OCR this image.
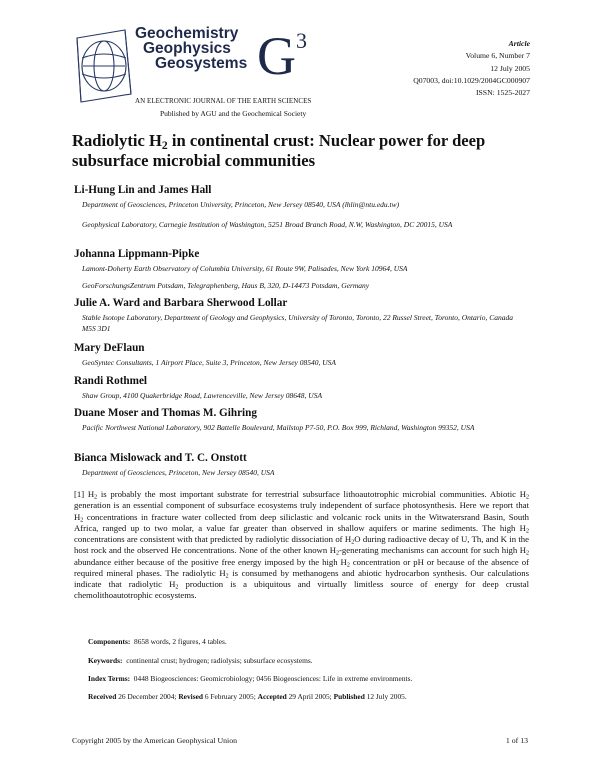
Geochemistry
Geophysics
Geosystems G3
AN ELECTRONIC JOURNAL OF THE EARTH SCIENCES
Published by AGU and the Geochemical Society
Article
Volume 6, Number 7
12 July 2005
Q07003, doi:10.1029/2004GC000907
ISSN: 1525-2027
Radiolytic $H_2$ in continental crust: Nuclear power for deep
subsurface microbial communities
Li-Hung Lin and James Hall
Department of Geosciences, Princeton University, Princeton, New Jersey 08540, USA (lhlin@ntu.edu.tw)
Geophysical Laboratory, Carnegie Institution of Washington, 5251 Broad Branch Road, N.W, Washington, DC 20015, USA
Johanna Lippmann-Pipke
Lamont-Doherty Earth Observatory of Columbia University, 61 Route 9W, Palisades, New York 10964, USA
GeoForschungsZentrum Potsdam, Telegraphenberg, Haus B, 320, D-14473 Potsdam, Germany
Julie A. Ward and Barbara Sherwood Lollar
Stable Isotope Laboratory, Department of Geology and Geophysics, University of Toronto, Toronto, 22 Russel Street, Toronto, Ontario, Canada M5S 3D1
Mary DeFlaun
GeoSyntec Consultants, 1 Airport Place, Suite 3, Princeton, New Jersey 08540, USA
Randi Rothmel
Shaw Group, 4100 Quakerbridge Road, Lawrenceville, New Jersey 08648, USA
Duane Moser and Thomas M. Gihring
Pacific Northwest National Laboratory, 902 Battelle Boulevard, Mailstop P7-50, P.O. Box 999, Richland, Washington 99352, USA
Bianca Mislowack and T. C. Onstott
Department of Geosciences, Princeton, New Jersey 08540, USA
[1] $H_2$ is probably the most important substrate for terrestrial subsurface lithoautotrophic microbial communities. Abiotic $H_2$ generation is an essential component of subsurface ecosystems truly independent of surface photosynthesis. Here we report that $H_2$ concentrations in fracture water collected from deep siliclastic and volcanic rock units in the Witwatersrand Basin, South Africa, ranged up to two molar, a value far greater than observed in shallow aquifers or marine sediments. The high $H_2$ concentrations are consistent with that predicted by radiolytic dissociation of $H_2O$ during radioactive decay of U, Th, and K in the host rock and the observed He concentrations. None of the other known $H_2$-generating mechanisms can account for such high $H_2$ abundance either because of the positive free energy imposed by the high $H_2$ concentration or pH or because of the absence of required mineral phases. The radiolytic $H_2$ is consumed by methanogens and abiotic hydrocarbon synthesis. Our calculations indicate that radiolytic $H_2$ production is a ubiquitous and virtually limitless source of energy for deep crustal chemolithoautotrophic ecosystems.
Components: 8658 words, 2 figures, 4 tables.
Keywords: continental crust; hydrogen; radiolysis; subsurface ecosystems.
Index Terms: 0448 Biogeosciences: Geomicrobiology; 0456 Biogeosciences: Life in extreme environments.
Received 26 December 2004; Revised 6 February 2005; Accepted 29 April 2005; Published 12 July 2005.
Copyright 2005 by the American Geophysical Union	1 of 13
